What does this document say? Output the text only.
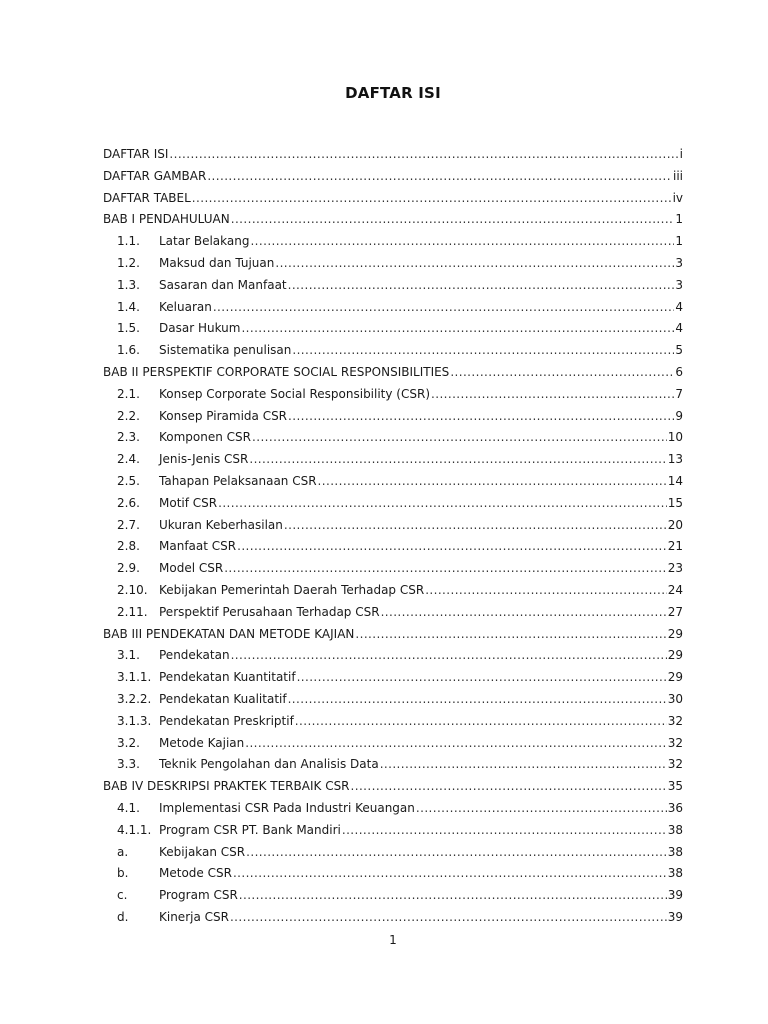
DAFTAR ISI
DAFTAR ISI .....	i
DAFTAR GAMBAR .....	iii
DAFTAR TABEL .....	iv
BAB I PENDAHULUAN .....	1
1.1.	Latar Belakang .....	1
1.2.	Maksud dan Tujuan .....	3
1.3.	Sasaran dan Manfaat .....	3
1.4.	Keluaran .....	4
1.5.	Dasar Hukum .....	4
1.6.	Sistematika penulisan .....	5
BAB II PERSPEKTIF CORPORATE SOCIAL RESPONSIBILITIES .....	6
2.1.	Konsep Corporate Social Responsibility (CSR) .....	7
2.2.	Konsep Piramida CSR .....	9
2.3.	Komponen CSR .....	10
2.4.	Jenis-Jenis CSR .....	13
2.5.	Tahapan Pelaksanaan CSR .....	14
2.6.	Motif CSR .....	15
2.7.	Ukuran Keberhasilan .....	20
2.8.	Manfaat CSR .....	21
2.9.	Model CSR .....	23
2.10. Kebijakan Pemerintah Daerah Terhadap CSR .....	24
2.11. Perspektif Perusahaan Terhadap CSR .....	27
BAB III PENDEKATAN DAN METODE KAJIAN .....	29
3.1.	Pendekatan .....	29
3.1.1. Pendekatan Kuantitatif .....	29
3.2.2. Pendekatan Kualitatif .....	30
3.1.3. Pendekatan Preskriptif .....	32
3.2.	Metode Kajian .....	32
3.3.	Teknik Pengolahan dan Analisis Data .....	32
BAB IV DESKRIPSI PRAKTEK TERBAIK CSR .....	35
4.1.	Implementasi CSR Pada Industri Keuangan .....	36
4.1.1. Program CSR PT. Bank Mandiri .....	38
a.	Kebijakan CSR .....	38
b.	Metode CSR .....	38
c.	Program CSR .....	39
d.	Kinerja CSR .....	39
1
